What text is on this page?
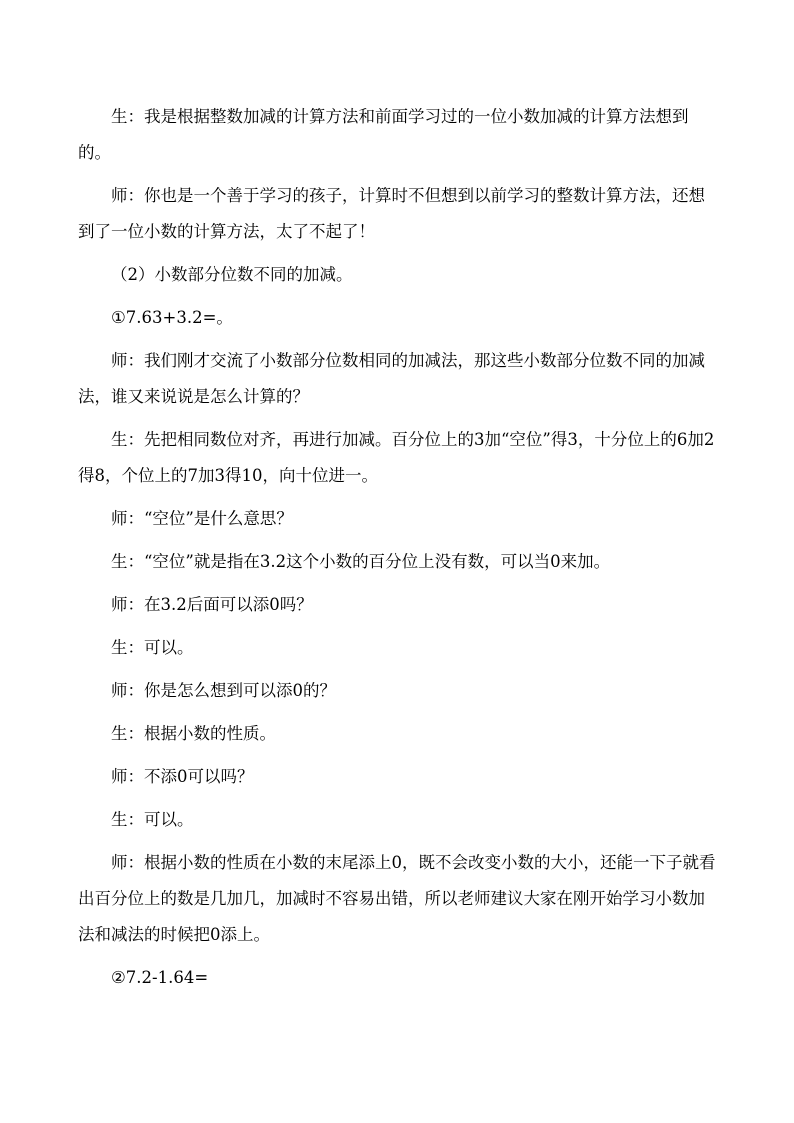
生：我是根据整数加减的计算方法和前面学习过的一位小数加减的计算方法想到的。

师：你也是一个善于学习的孩子，计算时不但想到以前学习的整数计算方法，还想到了一位小数的计算方法，太了不起了！

（2）小数部分位数不同的加减。

①7.63+3.2=。

师：我们刚才交流了小数部分位数相同的加减法，那这些小数部分位数不同的加减法，谁又来说说是怎么计算的？

生：先把相同数位对齐，再进行加减。百分位上的3加“空位”得3，十分位上的6加2得8，个位上的7加3得10，向十位进一。

师：“空位”是什么意思？

生：“空位”就是指在3.2这个小数的百分位上没有数，可以当0来加。

师：在3.2后面可以添0吗？

生：可以。

师：你是怎么想到可以添0的？

生：根据小数的性质。

师：不添0可以吗？

生：可以。

师：根据小数的性质在小数的末尾添上0，既不会改变小数的大小，还能一下子就看出百分位上的数是几加几，加减时不容易出错，所以老师建议大家在刚开始学习小数加法和减法的时候把0添上。

②7.2-1.64=
